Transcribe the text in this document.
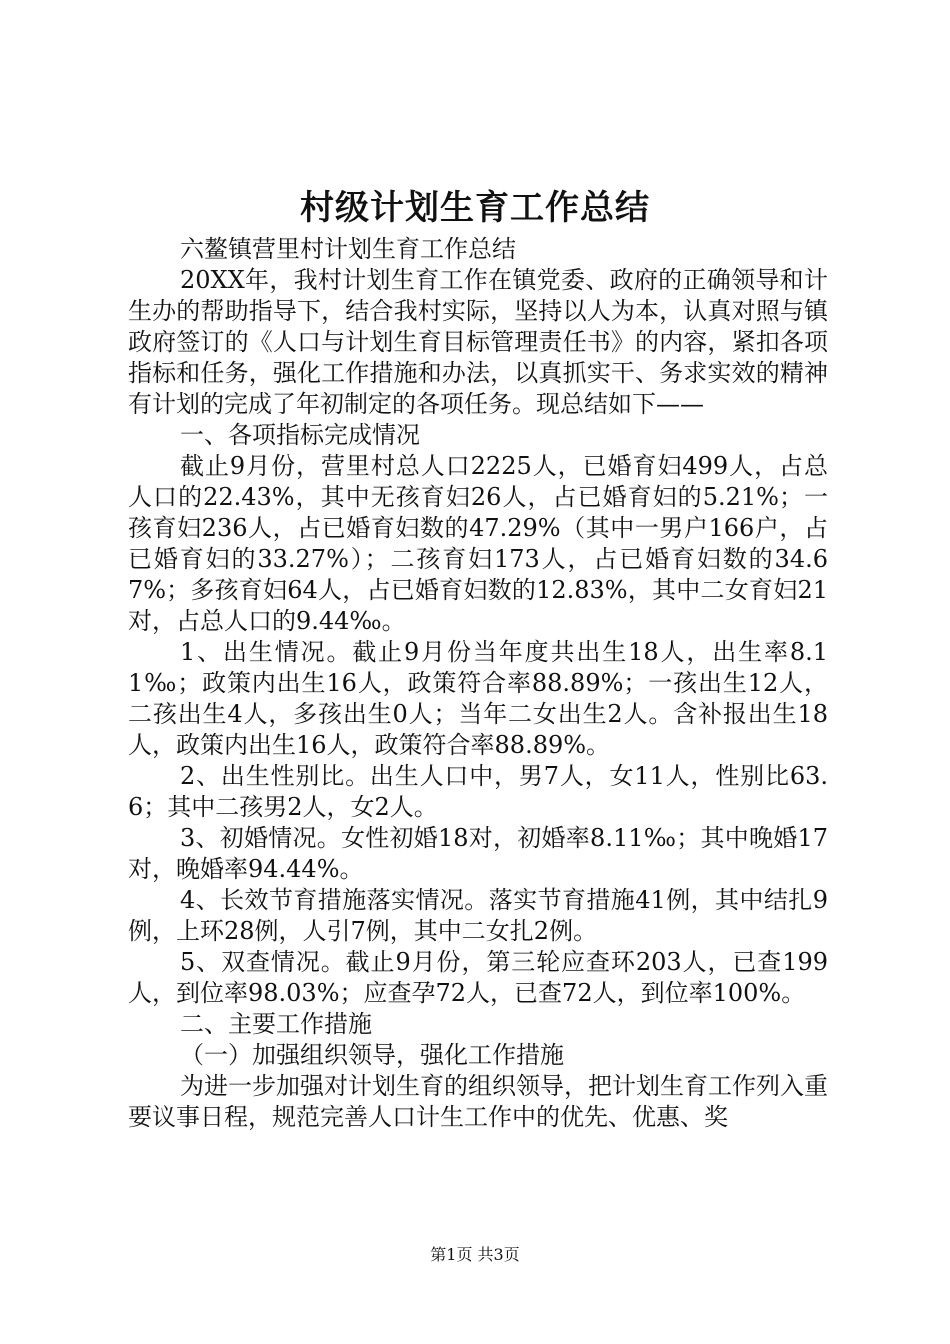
村级计划生育工作总结

六鳌镇营里村计划生育工作总结

20XX年，我村计划生育工作在镇党委、政府的正确领导和计生办的帮助指导下，结合我村实际，坚持以人为本，认真对照与镇政府签订的《人口与计划生育目标管理责任书》的内容，紧扣各项指标和任务，强化工作措施和办法，以真抓实干、务求实效的精神有计划的完成了年初制定的各项任务。现总结如下——

一、各项指标完成情况

截止9月份，营里村总人口2225人，已婚育妇499人，占总人口的22.43%，其中无孩育妇26人，占已婚育妇的5.21%；一孩育妇236人，占已婚育妇数的47.29%（其中一男户166户，占已婚育妇的33.27%）；二孩育妇173人，占已婚育妇数的34.67%；多孩育妇64人，占已婚育妇数的12.83%，其中二女育妇21对，占总人口的9.44‰。

1、出生情况。截止9月份当年度共出生18人，出生率8.11‰；政策内出生16人，政策符合率88.89%；一孩出生12人，二孩出生4人，多孩出生0人；当年二女出生2人。含补报出生18人，政策内出生16人，政策符合率88.89%。

2、出生性别比。出生人口中，男7人，女11人，性别比63.6；其中二孩男2人，女2人。

3、初婚情况。女性初婚18对，初婚率8.11‰；其中晚婚17对，晚婚率94.44%。

4、长效节育措施落实情况。落实节育措施41例，其中结扎9例，上环28例，人引7例，其中二女扎2例。

5、双查情况。截止9月份，第三轮应查环203人，已查199人，到位率98.03%；应查孕72人，已查72人，到位率100%。

二、主要工作措施

（一）加强组织领导，强化工作措施

为进一步加强对计划生育的组织领导，把计划生育工作列入重要议事日程，规范完善人口计生工作中的优先、优惠、奖

第1页 共3页
